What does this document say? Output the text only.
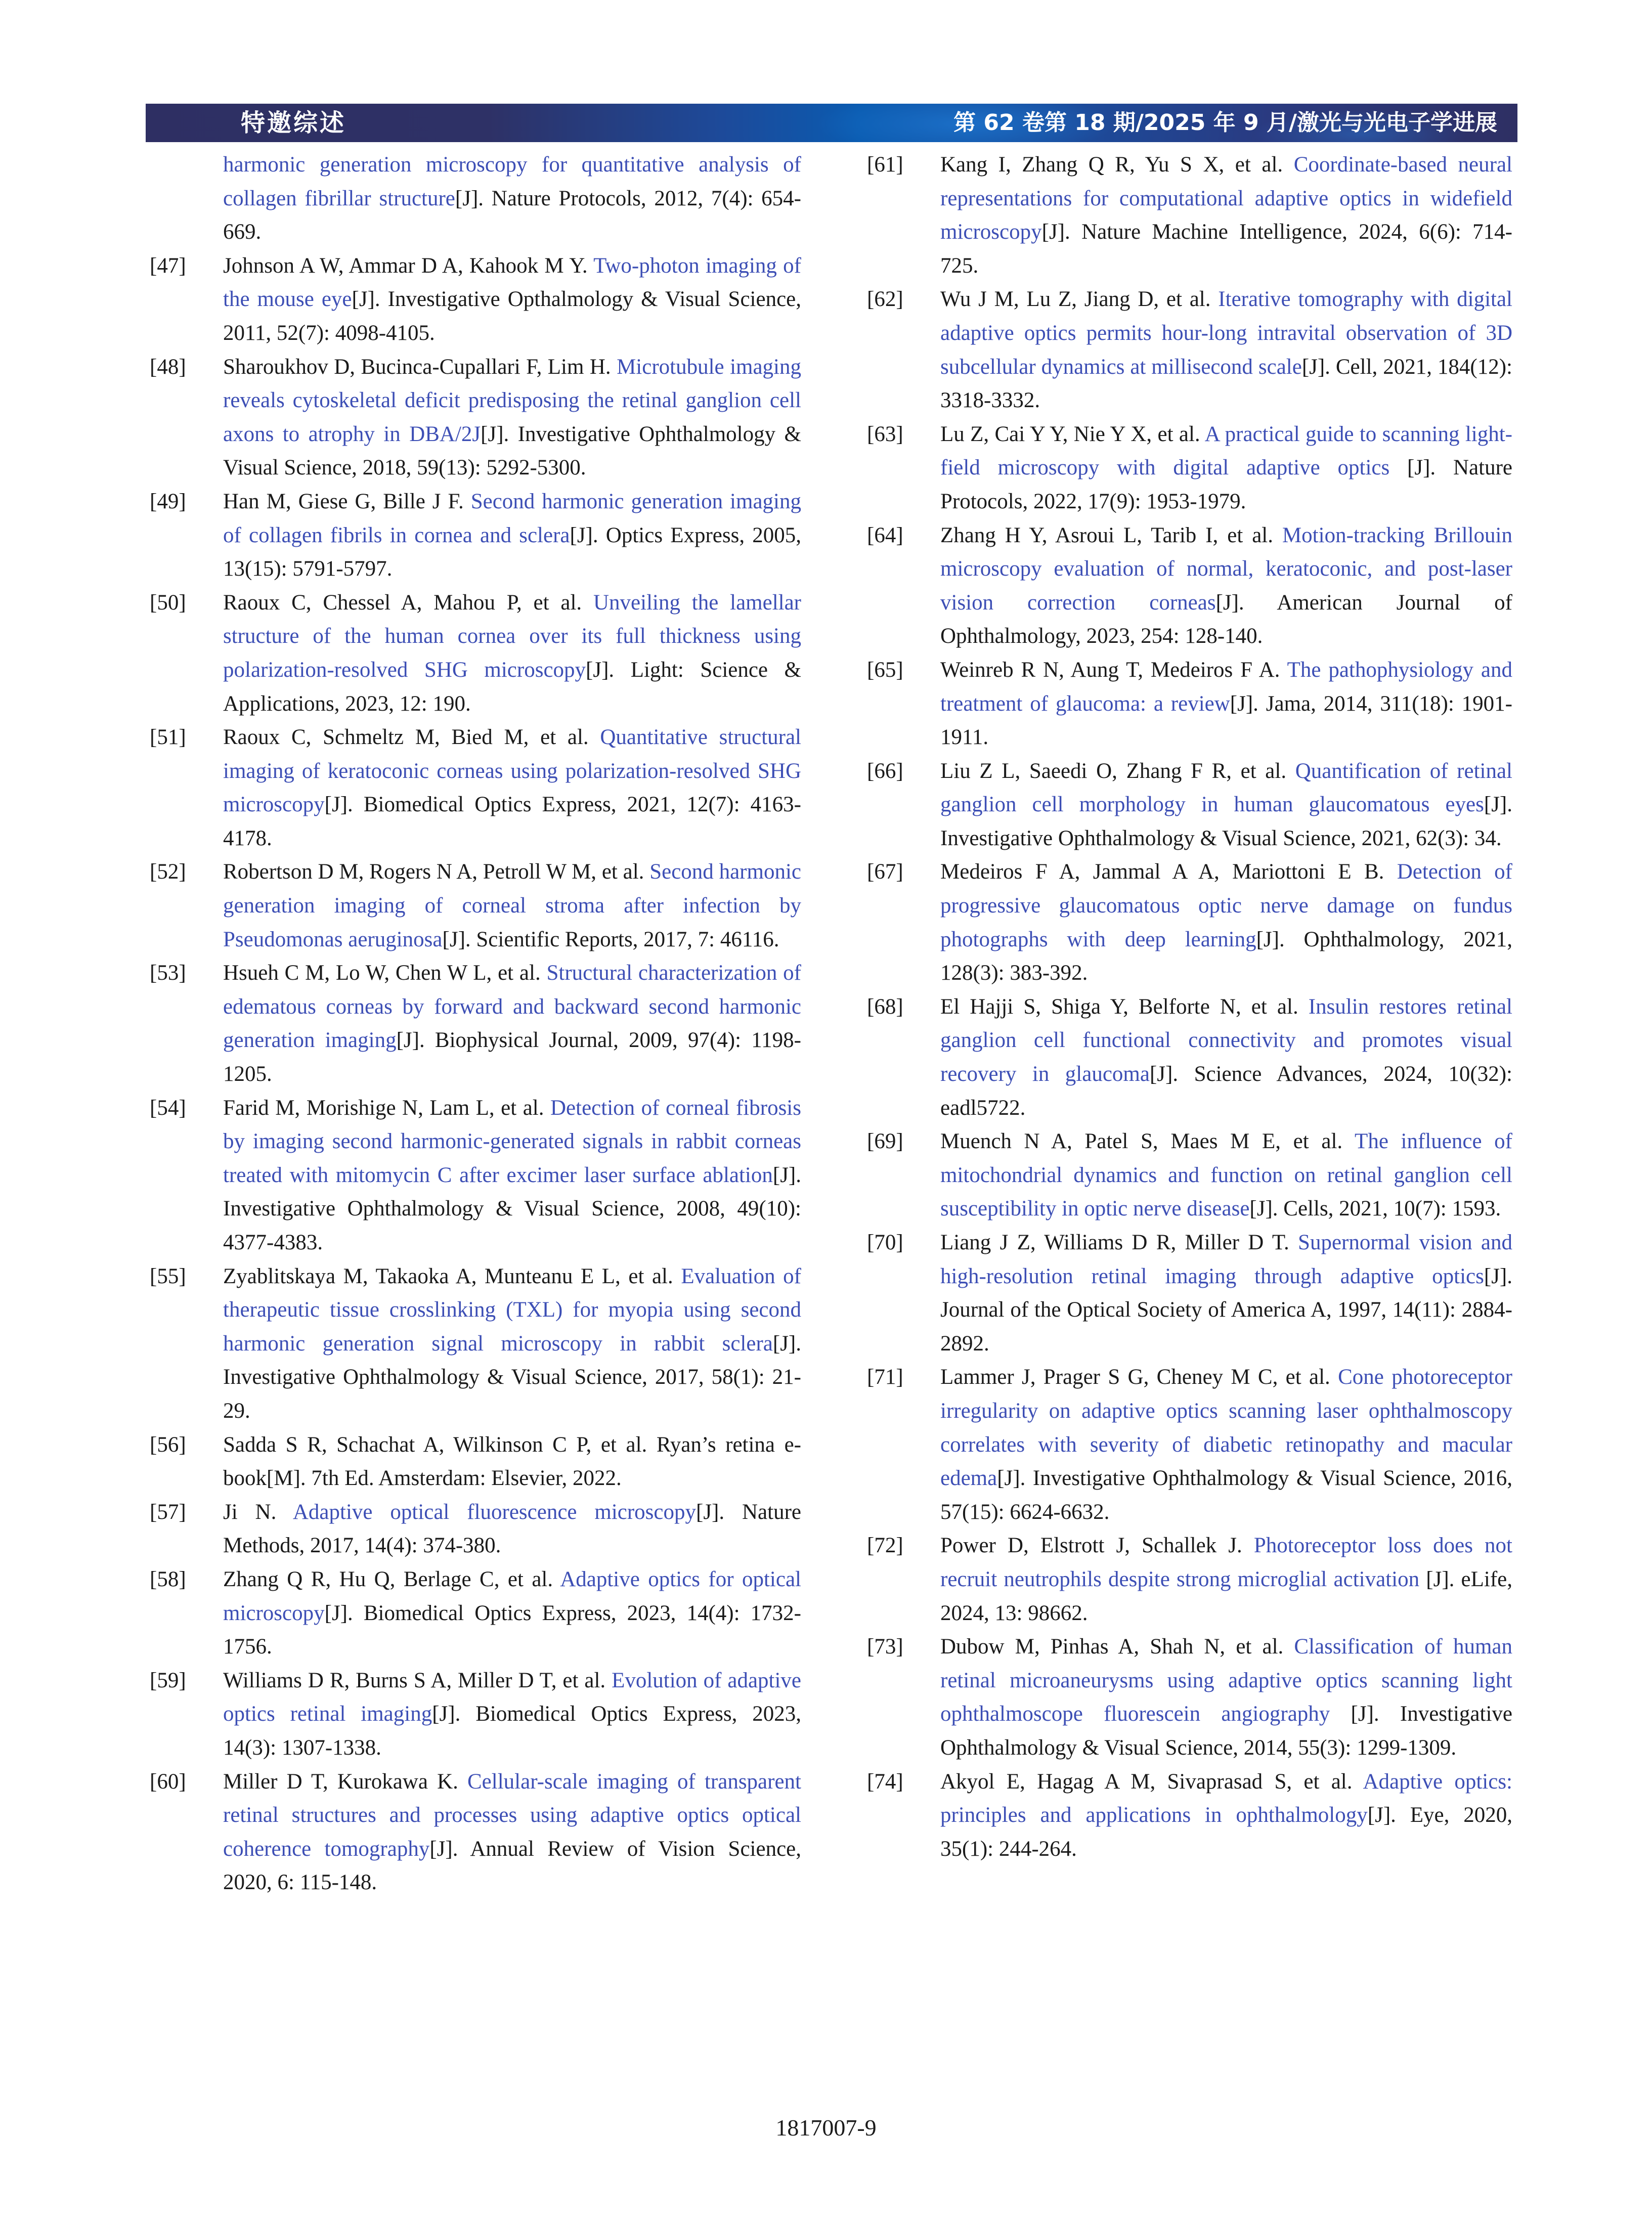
特邀综述	第 62 卷第 18 期/2025 年 9 月/激光与光电子学进展
harmonic generation microscopy for quantitative analysis of collagen fibrillar structure[J]. Nature Protocols, 2012, 7(4): 654-669.
[47] Johnson A W, Ammar D A, Kahook M Y. Two-photon imaging of the mouse eye[J]. Investigative Opthalmology & Visual Science, 2011, 52(7): 4098-4105.
[48] Sharoukhov D, Bucinca-Cupallari F, Lim H. Microtubule imaging reveals cytoskeletal deficit predisposing the retinal ganglion cell axons to atrophy in DBA/2J[J]. Investigative Ophthalmology & Visual Science, 2018, 59(13): 5292-5300.
[49] Han M, Giese G, Bille J F. Second harmonic generation imaging of collagen fibrils in cornea and sclera[J]. Optics Express, 2005, 13(15): 5791-5797.
[50] Raoux C, Chessel A, Mahou P, et al. Unveiling the lamellar structure of the human cornea over its full thickness using polarization-resolved SHG microscopy[J]. Light: Science & Applications, 2023, 12: 190.
[51] Raoux C, Schmeltz M, Bied M, et al. Quantitative structural imaging of keratoconic corneas using polarization-resolved SHG microscopy[J]. Biomedical Optics Express, 2021, 12(7): 4163-4178.
[52] Robertson D M, Rogers N A, Petroll W M, et al. Second harmonic generation imaging of corneal stroma after infection by Pseudomonas aeruginosa[J]. Scientific Reports, 2017, 7: 46116.
[53] Hsueh C M, Lo W, Chen W L, et al. Structural characterization of edematous corneas by forward and backward second harmonic generation imaging[J]. Biophysical Journal, 2009, 97(4): 1198-1205.
[54] Farid M, Morishige N, Lam L, et al. Detection of corneal fibrosis by imaging second harmonic-generated signals in rabbit corneas treated with mitomycin C after excimer laser surface ablation[J]. Investigative Ophthalmology & Visual Science, 2008, 49(10): 4377-4383.
[55] Zyablitskaya M, Takaoka A, Munteanu E L, et al. Evaluation of therapeutic tissue crosslinking (TXL) for myopia using second harmonic generation signal microscopy in rabbit sclera[J]. Investigative Ophthalmology & Visual Science, 2017, 58(1): 21-29.
[56] Sadda S R, Schachat A, Wilkinson C P, et al. Ryan’s retina e-book[M]. 7th Ed. Amsterdam: Elsevier, 2022.
[57] Ji N. Adaptive optical fluorescence microscopy[J]. Nature Methods, 2017, 14(4): 374-380.
[58] Zhang Q R, Hu Q, Berlage C, et al. Adaptive optics for optical microscopy[J]. Biomedical Optics Express, 2023, 14(4): 1732-1756.
[59] Williams D R, Burns S A, Miller D T, et al. Evolution of adaptive optics retinal imaging[J]. Biomedical Optics Express, 2023, 14(3): 1307-1338.
[60] Miller D T, Kurokawa K. Cellular-scale imaging of transparent retinal structures and processes using adaptive optics optical coherence tomography[J]. Annual Review of Vision Science, 2020, 6: 115-148.
[61] Kang I, Zhang Q R, Yu S X, et al. Coordinate-based neural representations for computational adaptive optics in widefield microscopy[J]. Nature Machine Intelligence, 2024, 6(6): 714-725.
[62] Wu J M, Lu Z, Jiang D, et al. Iterative tomography with digital adaptive optics permits hour-long intravital observation of 3D subcellular dynamics at millisecond scale[J]. Cell, 2021, 184(12): 3318-3332.
[63] Lu Z, Cai Y Y, Nie Y X, et al. A practical guide to scanning light-field microscopy with digital adaptive optics [J]. Nature Protocols, 2022, 17(9): 1953-1979.
[64] Zhang H Y, Asroui L, Tarib I, et al. Motion-tracking Brillouin microscopy evaluation of normal, keratoconic, and post-laser vision correction corneas[J]. American Journal of Ophthalmology, 2023, 254: 128-140.
[65] Weinreb R N, Aung T, Medeiros F A. The pathophysiology and treatment of glaucoma: a review[J]. Jama, 2014, 311(18): 1901-1911.
[66] Liu Z L, Saeedi O, Zhang F R, et al. Quantification of retinal ganglion cell morphology in human glaucomatous eyes[J]. Investigative Ophthalmology & Visual Science, 2021, 62(3): 34.
[67] Medeiros F A, Jammal A A, Mariottoni E B. Detection of progressive glaucomatous optic nerve damage on fundus photographs with deep learning[J]. Ophthalmology, 2021, 128(3): 383-392.
[68] El Hajji S, Shiga Y, Belforte N, et al. Insulin restores retinal ganglion cell functional connectivity and promotes visual recovery in glaucoma[J]. Science Advances, 2024, 10(32): eadl5722.
[69] Muench N A, Patel S, Maes M E, et al. The influence of mitochondrial dynamics and function on retinal ganglion cell susceptibility in optic nerve disease[J]. Cells, 2021, 10(7): 1593.
[70] Liang J Z, Williams D R, Miller D T. Supernormal vision and high-resolution retinal imaging through adaptive optics[J]. Journal of the Optical Society of America A, 1997, 14(11): 2884-2892.
[71] Lammer J, Prager S G, Cheney M C, et al. Cone photoreceptor irregularity on adaptive optics scanning laser ophthalmoscopy correlates with severity of diabetic retinopathy and macular edema[J]. Investigative Ophthalmology & Visual Science, 2016, 57(15): 6624-6632.
[72] Power D, Elstrott J, Schallek J. Photoreceptor loss does not recruit neutrophils despite strong microglial activation [J]. eLife, 2024, 13: 98662.
[73] Dubow M, Pinhas A, Shah N, et al. Classification of human retinal microaneurysms using adaptive optics scanning light ophthalmoscope fluorescein angiography [J]. Investigative Ophthalmology & Visual Science, 2014, 55(3): 1299-1309.
[74] Akyol E, Hagag A M, Sivaprasad S, et al. Adaptive optics: principles and applications in ophthalmology[J]. Eye, 2020, 35(1): 244-264.
1817007-9
